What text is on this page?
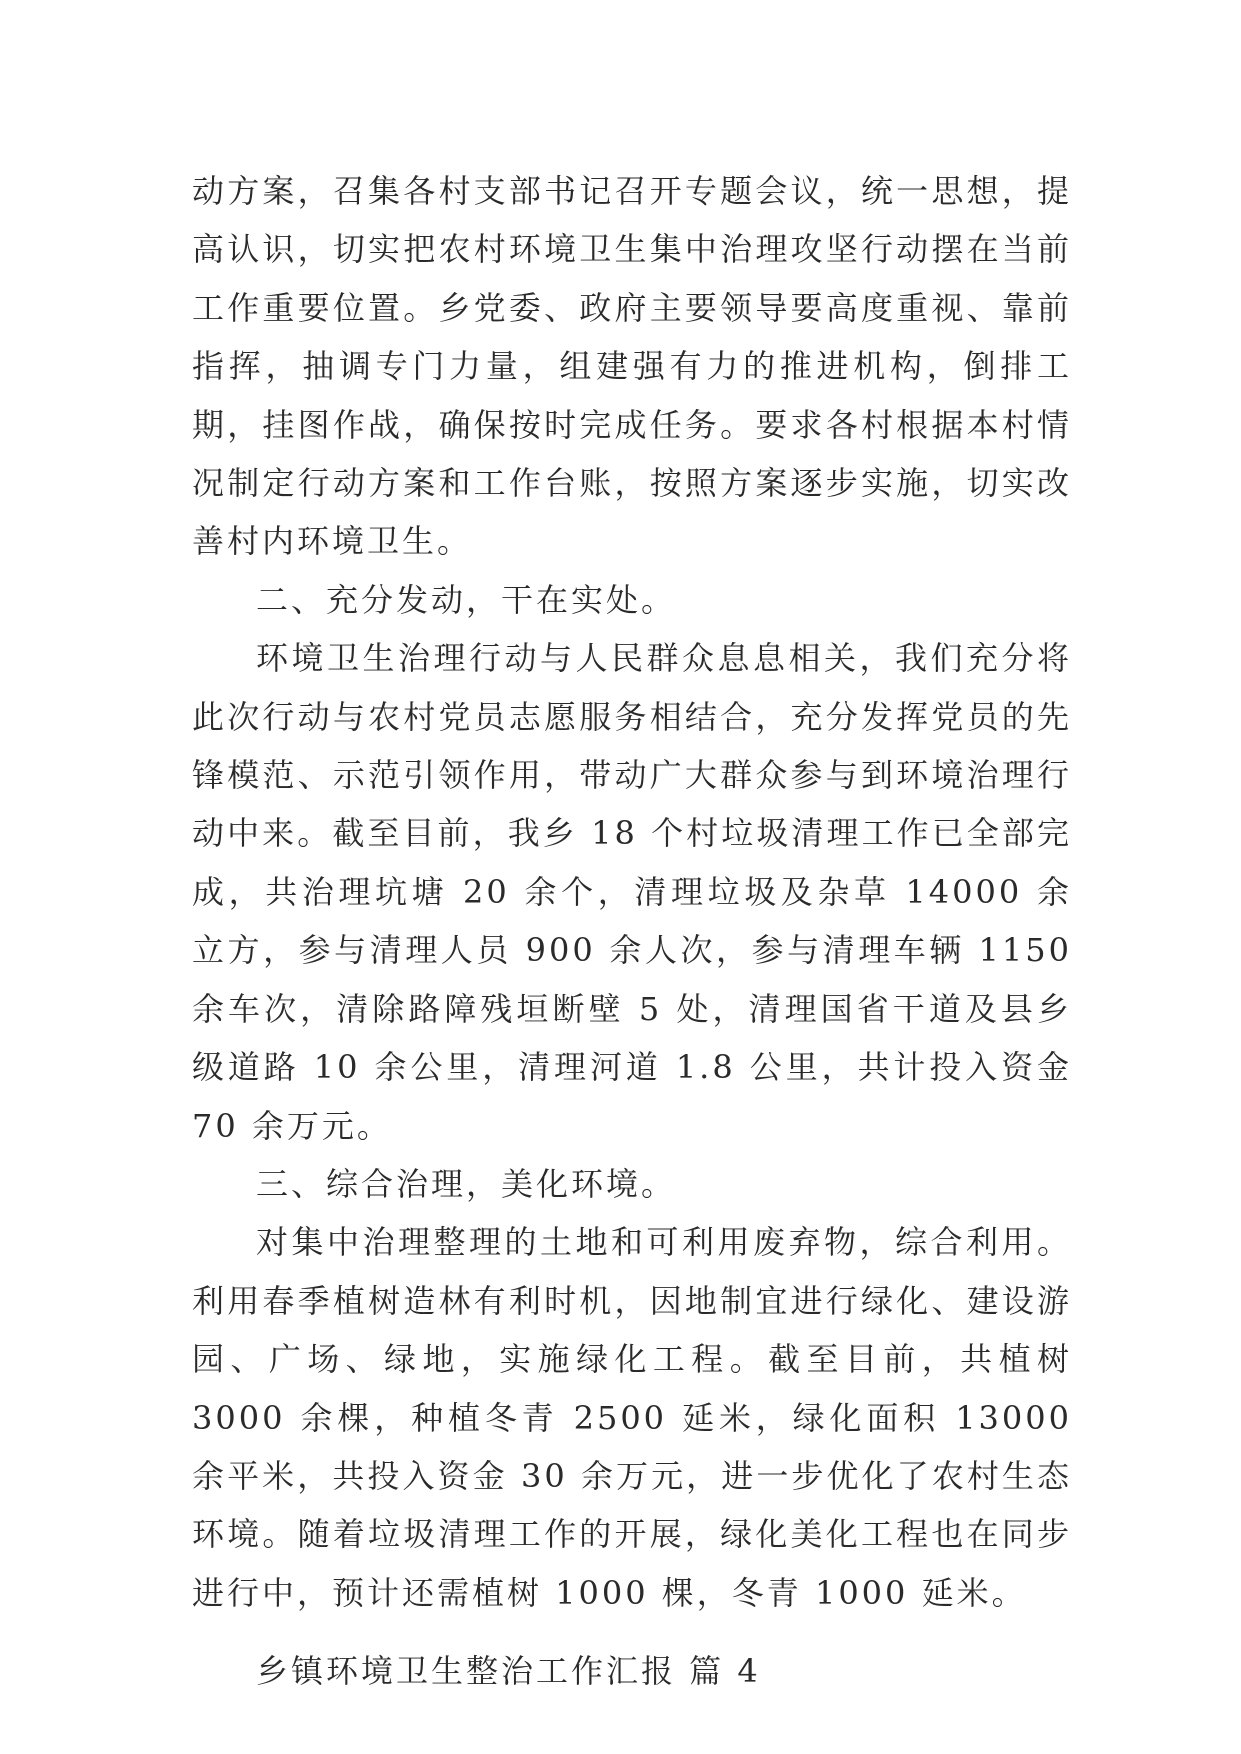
动方案，召集各村支部书记召开专题会议，统一思想，提高认识，切实把农村环境卫生集中治理攻坚行动摆在当前工作重要位置。乡党委、政府主要领导要高度重视、靠前指挥，抽调专门力量，组建强有力的推进机构，倒排工期，挂图作战，确保按时完成任务。要求各村根据本村情况制定行动方案和工作台账，按照方案逐步实施，切实改善村内环境卫生。

二、充分发动，干在实处。

环境卫生治理行动与人民群众息息相关，我们充分将此次行动与农村党员志愿服务相结合，充分发挥党员的先锋模范、示范引领作用，带动广大群众参与到环境治理行动中来。截至目前，我乡 18 个村垃圾清理工作已全部完成，共治理坑塘 20 余个，清理垃圾及杂草 14000 余立方，参与清理人员 900 余人次，参与清理车辆 1150 余车次，清除路障残垣断壁 5 处，清理国省干道及县乡级道路 10 余公里，清理河道 1.8 公里，共计投入资金 70 余万元。

三、综合治理，美化环境。

对集中治理整理的土地和可利用废弃物，综合利用。利用春季植树造林有利时机，因地制宜进行绿化、建设游园、广场、绿地，实施绿化工程。截至目前，共植树 3000 余棵，种植冬青 2500 延米，绿化面积 13000 余平米，共投入资金 30 余万元，进一步优化了农村生态环境。随着垃圾清理工作的开展，绿化美化工程也在同步进行中，预计还需植树 1000 棵，冬青 1000 延米。

乡镇环境卫生整治工作汇报 篇 4
